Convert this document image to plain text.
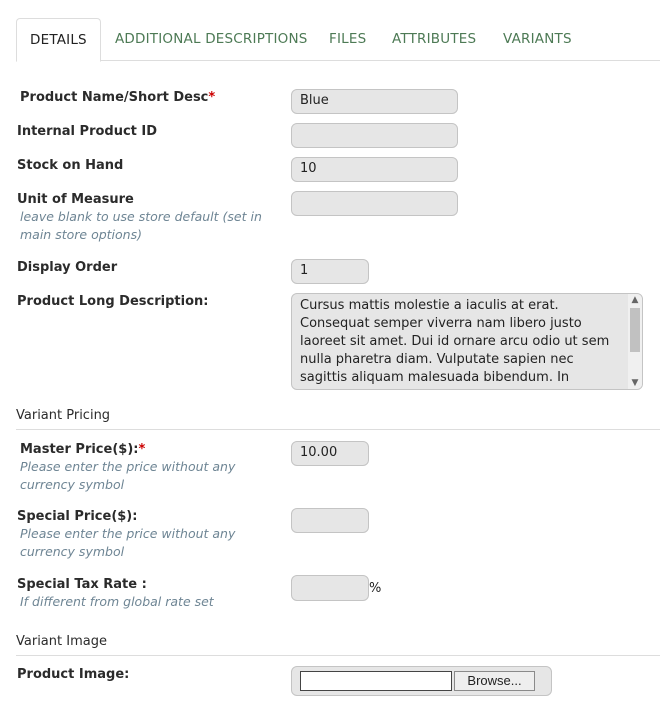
DETAILS	ADDITIONAL DESCRIPTIONS FILES ATTRIBUTES VARIANTS
Product Name/Short Desc*	Blue
Internal Product ID
Stock on Hand	10
Unit of Measure
leave blank to use store default (set in main store options)
Display Order	1
Product Long Description:	Cursus mattis molestie a iaculis at erat. Consequat semper viverra nam libero justo laoreet sit amet. Dui id ornare arcu odio ut sem nulla pharetra diam. Vulputate sapien nec sagittis aliquam malesuada bibendum. In
▲
▼
Variant Pricing
Master Price($):*
Please enter the price without any currency symbol
10.00
Special Price($):
Please enter the price without any currency symbol
Special Tax Rate :
If different from global rate set
%
Variant Image
Product Image:	Browse...
